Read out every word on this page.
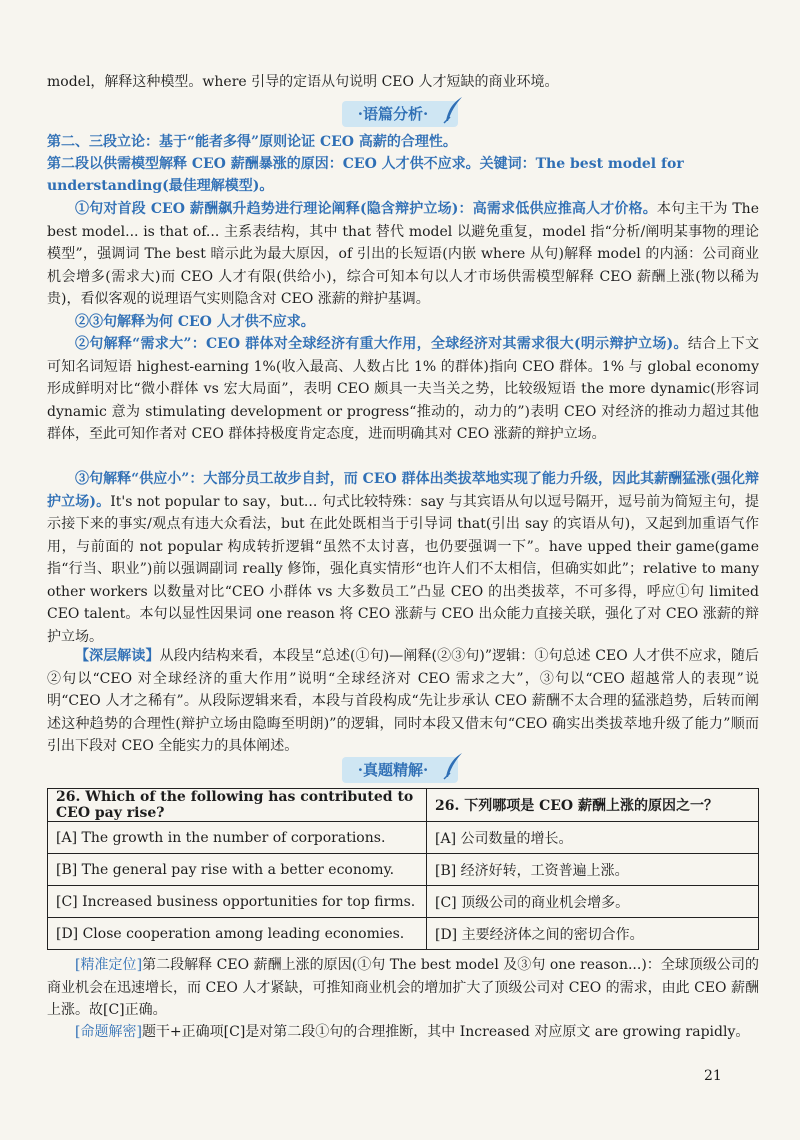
model，解释这种模型。where 引导的定语从句说明 CEO 人才短缺的商业环境。

·语篇分析·

第二、三段立论：基于“能者多得”原则论证 CEO 高薪的合理性。

第二段以供需模型解释 CEO 薪酬暴涨的原因：CEO 人才供不应求。关键词：The best model for

understanding(最佳理解模型)。

①句对首段 CEO 薪酬飙升趋势进行理论阐释(隐含辩护立场)：高需求低供应推高人才价格。本句主干为 The best model... is that of... 主系表结构，其中 that 替代 model 以避免重复，model 指“分析/阐明某事物的理论模型”，强调词 The best 暗示此为最大原因，of 引出的长短语(内嵌 where 从句)解释 model 的内涵：公司商业机会增多(需求大)而 CEO 人才有限(供给小)，综合可知本句以人才市场供需模型解释 CEO 薪酬上涨(物以稀为贵)，看似客观的说理语气实则隐含对 CEO 涨薪的辩护基调。

②③句解释为何 CEO 人才供不应求。

②句解释“需求大”：CEO 群体对全球经济有重大作用，全球经济对其需求很大(明示辩护立场)。结合上下文可知名词短语 highest-earning 1%(收入最高、人数占比 1% 的群体)指向 CEO 群体。1% 与 global economy 形成鲜明对比“微小群体 vs 宏大局面”，表明 CEO 颇具一夫当关之势，比较级短语 the more dynamic(形容词 dynamic 意为 stimulating development or progress“推动的，动力的”)表明 CEO 对经济的推动力超过其他群体，至此可知作者对 CEO 群体持极度肯定态度，进而明确其对 CEO 涨薪的辩护立场。

③句解释“供应小”：大部分员工故步自封，而 CEO 群体出类拔萃地实现了能力升级，因此其薪酬猛涨(强化辩护立场)。It's not popular to say，but... 句式比较特殊：say 与其宾语从句以逗号隔开，逗号前为简短主句，提示接下来的事实/观点有违大众看法，but 在此处既相当于引导词 that(引出 say 的宾语从句)，又起到加重语气作用，与前面的 not popular 构成转折逻辑“虽然不太讨喜，也仍要强调一下”。have upped their game(game 指“行当、职业”)前以强调副词 really 修饰，强化真实情形“也许人们不太相信，但确实如此”；relative to many other workers 以数量对比“CEO 小群体 vs 大多数员工”凸显 CEO 的出类拔萃，不可多得，呼应①句 limited CEO talent。本句以显性因果词 one reason 将 CEO 涨薪与 CEO 出众能力直接关联，强化了对 CEO 涨薪的辩护立场。

【深层解读】从段内结构来看，本段呈“总述(①句)—阐释(②③句)”逻辑：①句总述 CEO 人才供不应求，随后②句以“CEO 对全球经济的重大作用”说明“全球经济对 CEO 需求之大”，③句以“CEO 超越常人的表现”说明“CEO 人才之稀有”。从段际逻辑来看，本段与首段构成“先让步承认 CEO 薪酬不太合理的猛涨趋势，后转而阐述这种趋势的合理性(辩护立场由隐晦至明朗)”的逻辑，同时本段又借末句“CEO 确实出类拔萃地升级了能力”顺而引出下段对 CEO 全能实力的具体阐述。

·真题精解·
26. Which of the following has contributed to CEO pay rise?	26. 下列哪项是 CEO 薪酬上涨的原因之一？
[A] The growth in the number of corporations.	[A] 公司数量的增长。
[B] The general pay rise with a better economy.	[B] 经济好转，工资普遍上涨。
[C] Increased business opportunities for top firms.	[C] 顶级公司的商业机会增多。
[D] Close cooperation among leading economies.	[D] 主要经济体之间的密切合作。

[精准定位]第二段解释 CEO 薪酬上涨的原因(①句 The best model 及③句 one reason...)：全球顶级公司的商业机会在迅速增长，而 CEO 人才紧缺，可推知商业机会的增加扩大了顶级公司对 CEO 的需求，由此 CEO 薪酬上涨。故[C]正确。

[命题解密]题干+正确项[C]是对第二段①句的合理推断，其中 Increased 对应原文 are growing rapidly。

21
